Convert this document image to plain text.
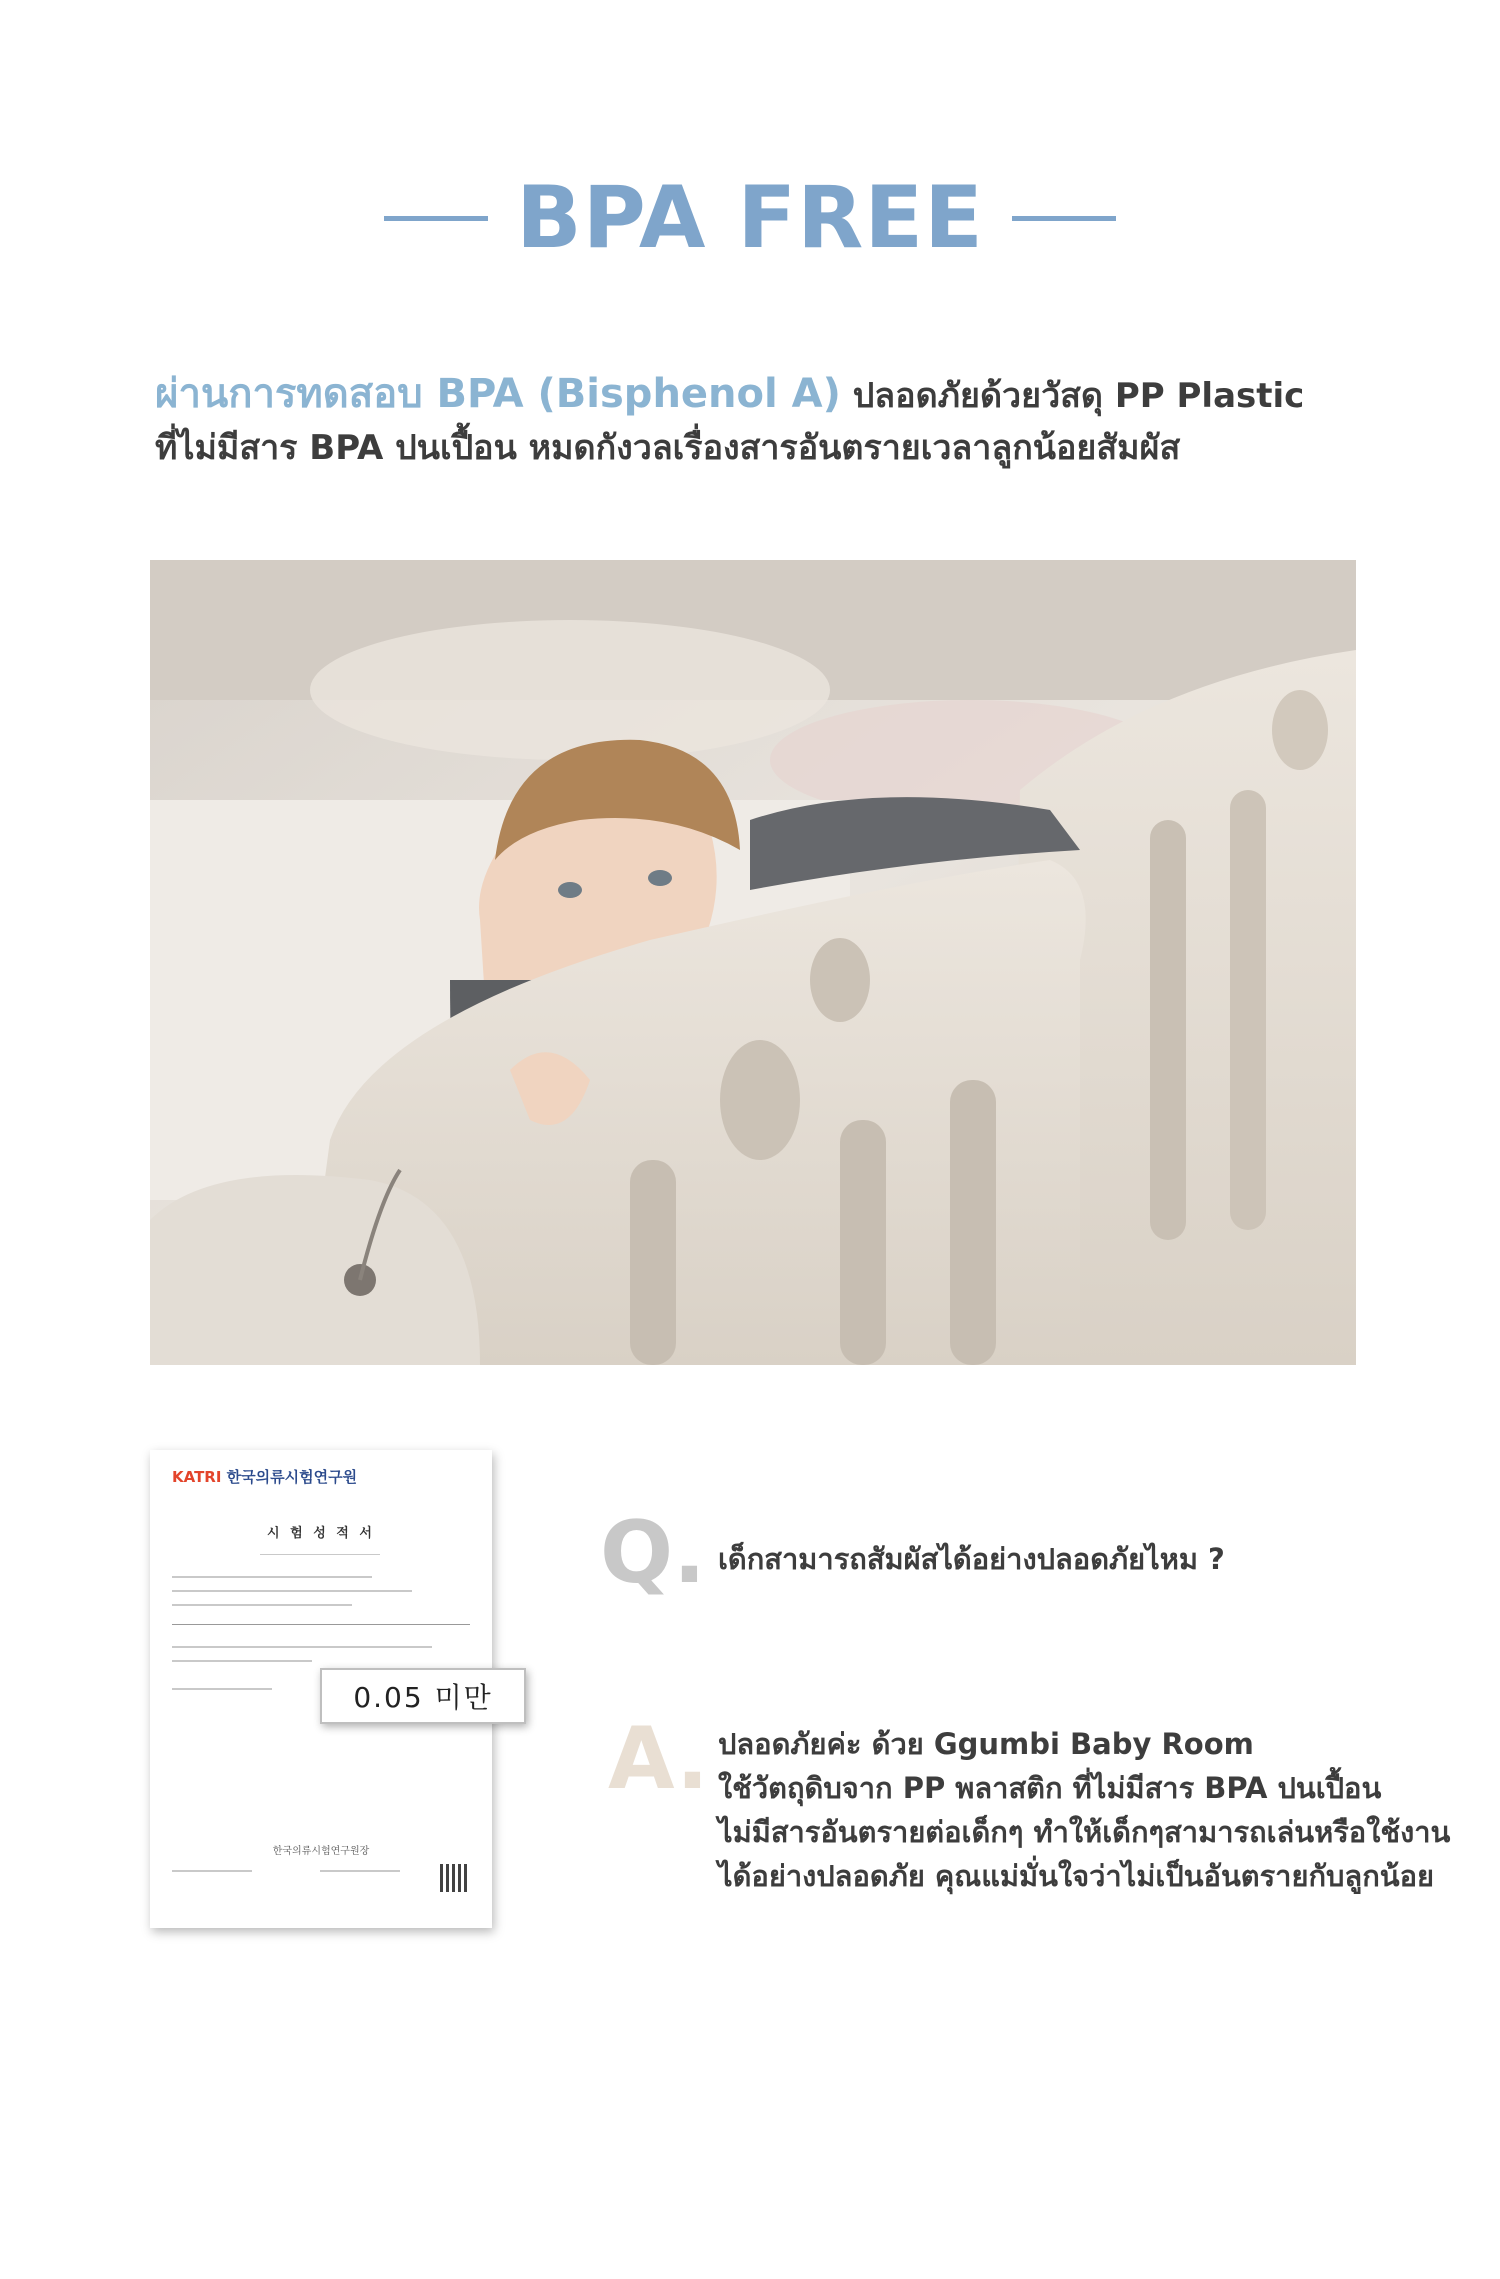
BPA FREE

ผ่านการทดสอบ BPA (Bisphenol A) ปลอดภัยด้วยวัสดุ PP Plastic

ที่ไม่มีสาร BPA ปนเปื้อน หมดกังวลเรื่องสารอันตรายเวลาลูกน้อยสัมผัส

KATRI 한국의류시험연구원
시 험 성 적 서
0.05 미만
한국의류시험연구원장
Q. เด็กสามารถสัมผัสได้อย่างปลอดภัยไหม ?
A. ปลอดภัยค่ะ ด้วย Ggumbi Baby Room

ใช้วัตถุดิบจาก PP พลาสติก ที่ไม่มีสาร BPA ปนเปื้อน

ไม่มีสารอันตรายต่อเด็กๆ ทำให้เด็กๆสามารถเล่นหรือใช้งาน

ได้อย่างปลอดภัย คุณแม่มั่นใจว่าไม่เป็นอันตรายกับลูกน้อย
